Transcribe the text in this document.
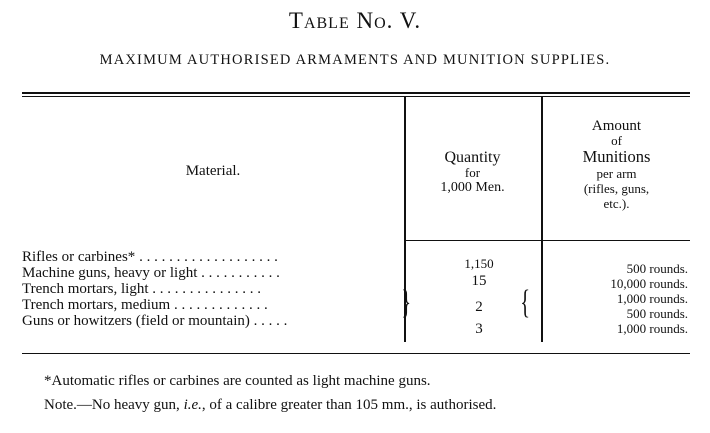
Table No. V.
MAXIMUM AUTHORISED ARMAMENTS AND MUNITION SUPPLIES.
Material.
Quantity
for
1,000 Men.
Amount
of
Munitions
per arm
(rifles, guns,
etc.).
Rifles or carbines* . . . . . . . . . . . . . . . . . . .
Machine guns, heavy or light . . . . . . . . . . .
Trench mortars, light . . . . . . . . . . . . . . .
Trench mortars, medium . . . . . . . . . . . . .
Guns or howitzers (field or mountain) . . . . .
1,150
15
2
3
500 rounds.
10,000 rounds.
1,000 rounds.
500 rounds.
1,000 rounds.
}	{
*Automatic rifles or carbines are counted as light machine guns.
Note.—No heavy gun, i.e., of a calibre greater than 105 mm., is authorised.
